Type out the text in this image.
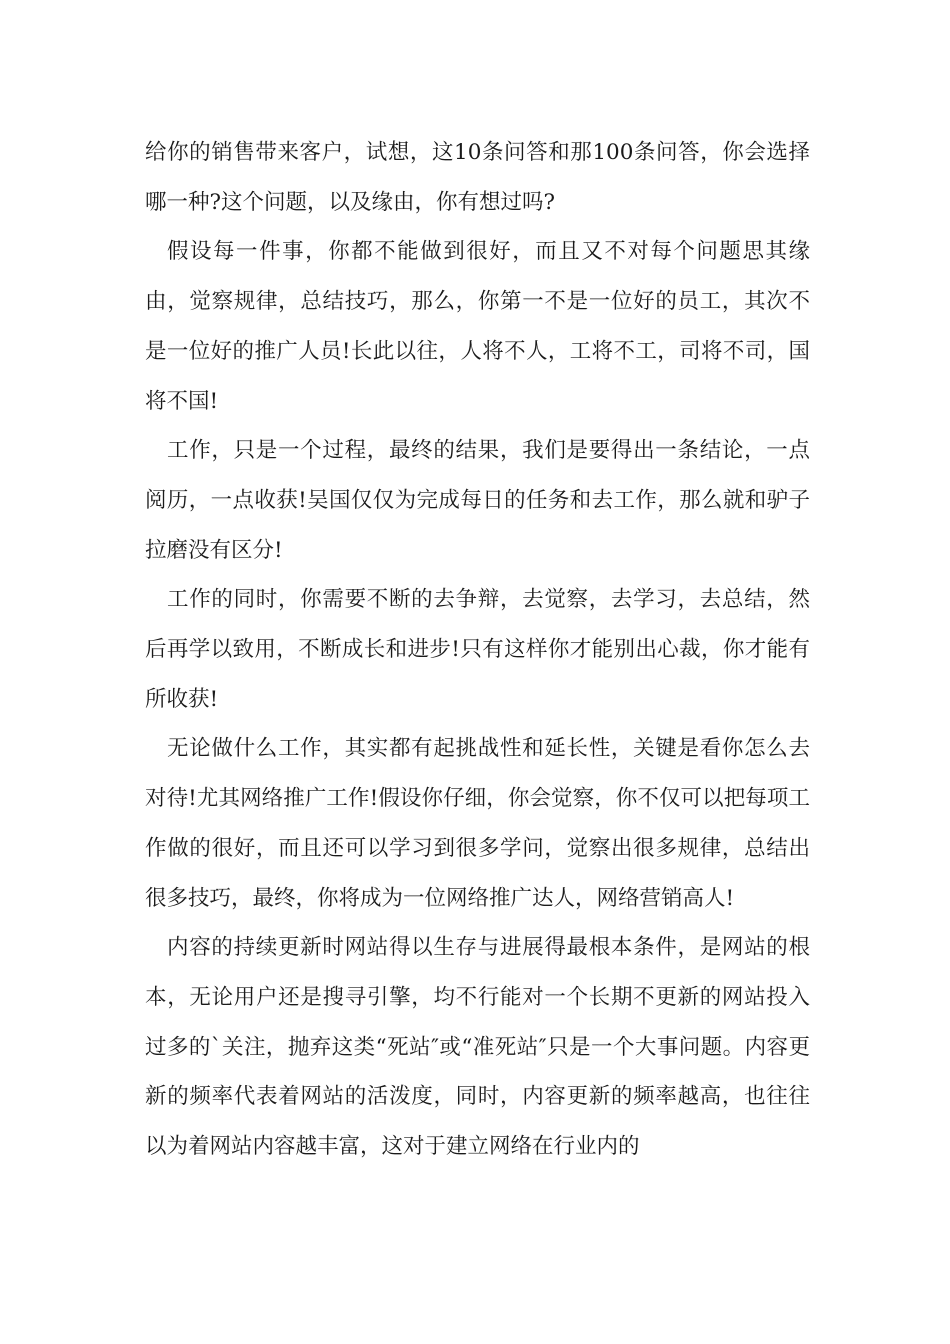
给你的销售带来客户，试想，这10条问答和那100条问答，你会选择哪一种?这个问题，以及缘由，你有想过吗?

假设每一件事，你都不能做到很好，而且又不对每个问题思其缘由，觉察规律，总结技巧，那么，你第一不是一位好的员工，其次不是一位好的推广人员!长此以往，人将不人，工将不工，司将不司，国将不国!

工作，只是一个过程，最终的结果，我们是要得出一条结论，一点阅历，一点收获!吴国仅仅为完成每日的任务和去工作，那么就和驴子拉磨没有区分!

工作的同时，你需要不断的去争辩，去觉察，去学习，去总结，然后再学以致用，不断成长和进步!只有这样你才能别出心裁，你才能有所收获!

无论做什么工作，其实都有起挑战性和延长性，关键是看你怎么去对待!尤其网络推广工作!假设你仔细，你会觉察，你不仅可以把每项工作做的很好，而且还可以学习到很多学问，觉察出很多规律，总结出很多技巧，最终，你将成为一位网络推广达人，网络营销高人!

内容的持续更新时网站得以生存与进展得最根本条件，是网站的根本，无论用户还是搜寻引擎，均不行能对一个长期不更新的网站投入过多的`关注，抛弃这类“死站″或“准死站″只是一个大事问题。内容更新的频率代表着网站的活泼度，同时，内容更新的频率越高，也往往以为着网站内容越丰富，这对于建立网络在行业内的
